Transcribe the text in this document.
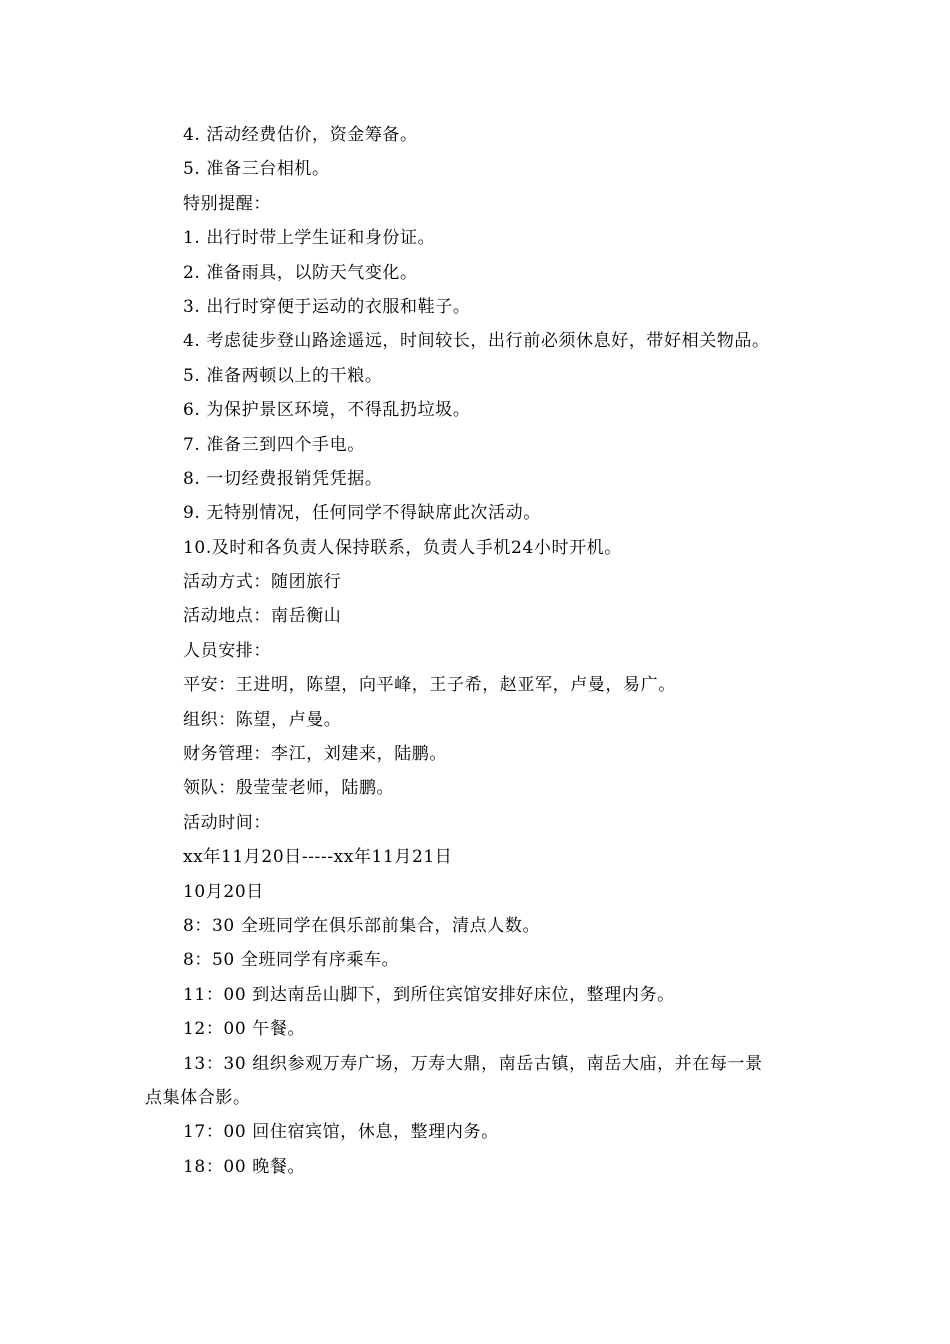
4. 活动经费估价，资金筹备。
5. 准备三台相机。
特别提醒：
1. 出行时带上学生证和身份证。
2. 准备雨具，以防天气变化。
3. 出行时穿便于运动的衣服和鞋子。
4. 考虑徒步登山路途遥远，时间较长，出行前必须休息好，带好相关物品。
5. 准备两顿以上的干粮。
6. 为保护景区环境，不得乱扔垃圾。
7. 准备三到四个手电。
8. 一切经费报销凭凭据。
9. 无特别情况，任何同学不得缺席此次活动。
10.及时和各负责人保持联系，负责人手机24小时开机。
活动方式：随团旅行
活动地点：南岳衡山
人员安排：
平安：王进明，陈望，向平峰，王子希，赵亚军，卢曼，易广。
组织：陈望，卢曼。
财务管理：李江，刘建来，陆鹏。
领队：殷莹莹老师，陆鹏。
活动时间：
xx年11月20日-----xx年11月21日
10月20日
8：30 全班同学在俱乐部前集合，清点人数。
8：50 全班同学有序乘车。
11：00 到达南岳山脚下，到所住宾馆安排好床位，整理内务。
12：00 午餐。
13：30 组织参观万寿广场，万寿大鼎，南岳古镇，南岳大庙，并在每一景
点集体合影。
17：00 回住宿宾馆，休息，整理内务。
18：00 晚餐。
